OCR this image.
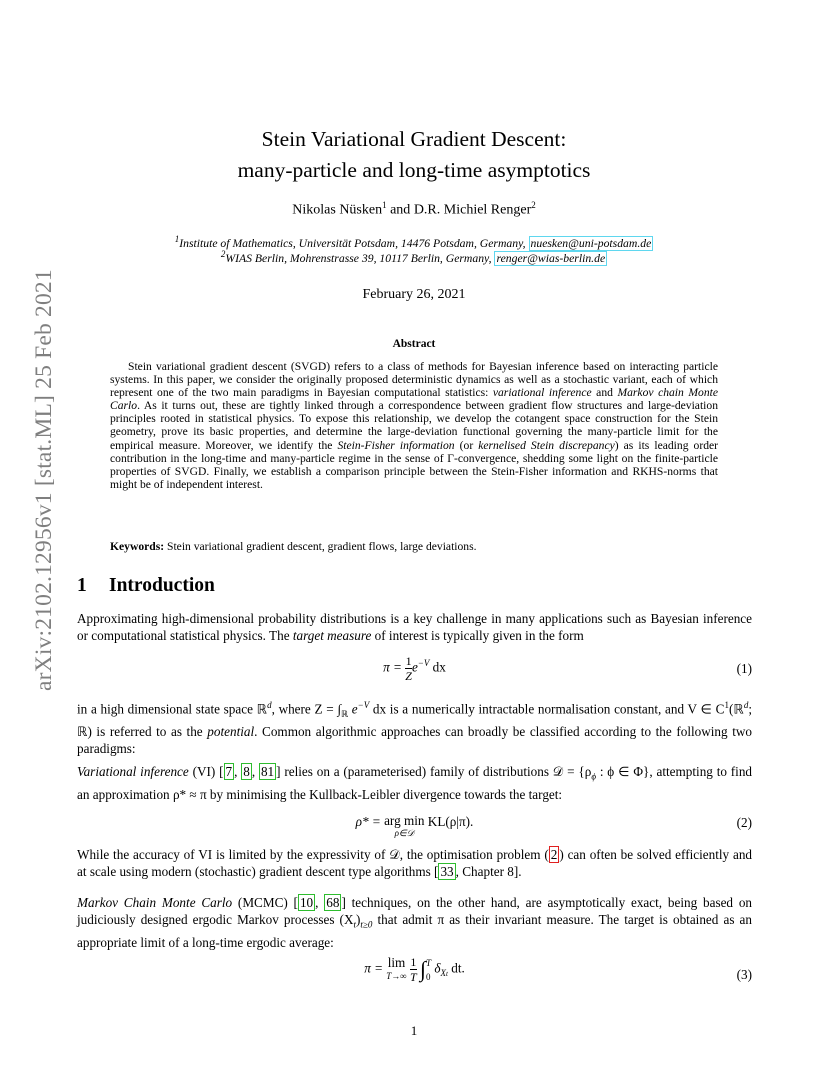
arXiv:2102.12956v1 [stat.ML] 25 Feb 2021
Stein Variational Gradient Descent:
many-particle and long-time asymptotics
Nikolas Nüsken$^1$ and D.R. Michiel Renger$^2$
$^1$Institute of Mathematics, Universität Potsdam, 14476 Potsdam, Germany, nuesken@uni-potsdam.de
$^2$WIAS Berlin, Mohrenstrasse 39, 10117 Berlin, Germany, renger@wias-berlin.de
February 26, 2021
Abstract
Stein variational gradient descent (SVGD) refers to a class of methods for Bayesian inference based on interacting particle systems. In this paper, we consider the originally proposed deterministic dynamics as well as a stochastic variant, each of which represent one of the two main paradigms in Bayesian computational statistics: variational inference and Markov chain Monte Carlo. As it turns out, these are tightly linked through a correspondence between gradient flow structures and large-deviation principles rooted in statistical physics. To expose this relationship, we develop the cotangent space construction for the Stein geometry, prove its basic properties, and determine the large-deviation functional governing the many-particle limit for the empirical measure. Moreover, we identify the Stein-Fisher information (or kernelised Stein discrepancy) as its leading order contribution in the long-time and many-particle regime in the sense of Γ-convergence, shedding some light on the finite-particle properties of SVGD. Finally, we establish a comparison principle between the Stein-Fisher information and RKHS-norms that might be of independent interest.
Keywords: Stein variational gradient descent, gradient flows, large deviations.
1 Introduction
Approximating high-dimensional probability distributions is a key challenge in many applications such as Bayesian inference or computational statistical physics. The target measure of interest is typically given in the form
$\pi = \frac{1}{Z} e^{-V}$ dx	(1)
in a high dimensional state space ℝ$^d$, where $Z = \int_ℝ$ $e^{-V}$ dx is a numerically intractable normalisation constant, and V ∈ $C^1(ℝ^d$; ℝ) is referred to as the potential. Common algorithmic approaches can broadly be classified according to the following two paradigms:
Variational inference (VI) [ 7 , 8 , 81 ] relies on a (parameterised) family of distributions 𝒟 = {$\rho_\phi$ : ϕ ∈ Φ}, attempting to find an approximation ρ* ≈ π by minimising the Kullback-Leibler divergence towards the target:
ρ* = arg min
ρ∈𝒟
KL(ρ|π).	(2)
While the accuracy of VI is limited by the expressivity of 𝒟, the optimisation problem ( 2 ) can often be solved efficiently and at scale using modern (stochastic) gradient descent type algorithms [ 33 , Chapter 8].
Markov Chain Monte Carlo (MCMC) [ 10 , 68 ] techniques, on the other hand, are asymptotically exact, being based on judiciously designed ergodic Markov processes $(X_t)_{t\ge 0}$ that admit π as their invariant measure. The target is obtained as an appropriate limit of a long-time ergodic average:
π = lim
T→∞
$\frac{1}{T}$ ∫ T
0
$\delta_{Xt}$ dt.	(3)
1
